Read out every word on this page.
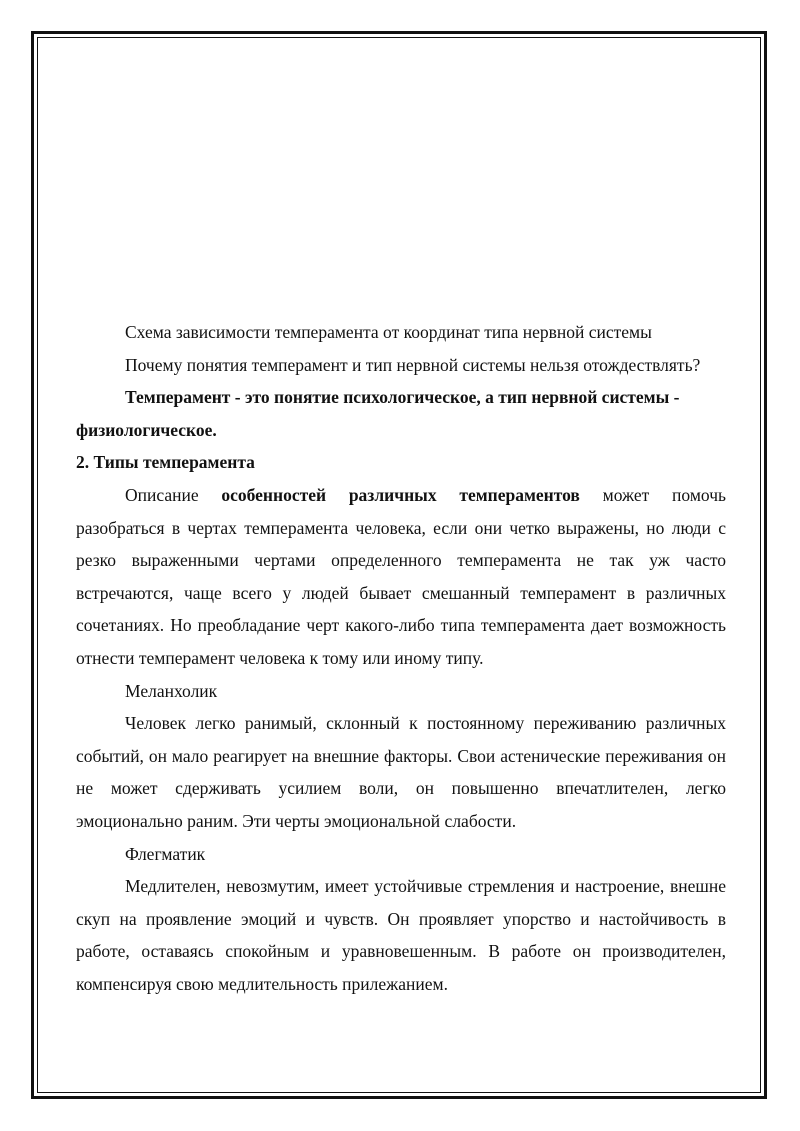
Схема зависимости темперамента от координат типа нервной системы

Почему понятия темперамент и тип нервной системы нельзя отождествлять?

Темперамент - это понятие психологическое, а тип нервной системы - физиологическое.

2. Типы темперамента

Описание особенностей различных темпераментов может помочь разобраться в чертах темперамента человека, если они четко выражены, но люди с резко выраженными чертами определенного темперамента не так уж часто встречаются, чаще всего у людей бывает смешанный темперамент в различных сочетаниях. Но преобладание черт какого-либо типа темперамента дает возможность отнести темперамент человека к тому или иному типу.

Меланхолик

Человек легко ранимый, склонный к постоянному переживанию различных событий, он мало реагирует на внешние факторы. Свои астенические переживания он не может сдерживать усилием воли, он повышенно впечатлителен, легко эмоционально раним. Эти черты эмоциональной слабости.

Флегматик

Медлителен, невозмутим, имеет устойчивые стремления и настроение, внешне скуп на проявление эмоций и чувств. Он проявляет упорство и настойчивость в работе, оставаясь спокойным и уравновешенным. В работе он производителен, компенсируя свою медлительность прилежанием.
